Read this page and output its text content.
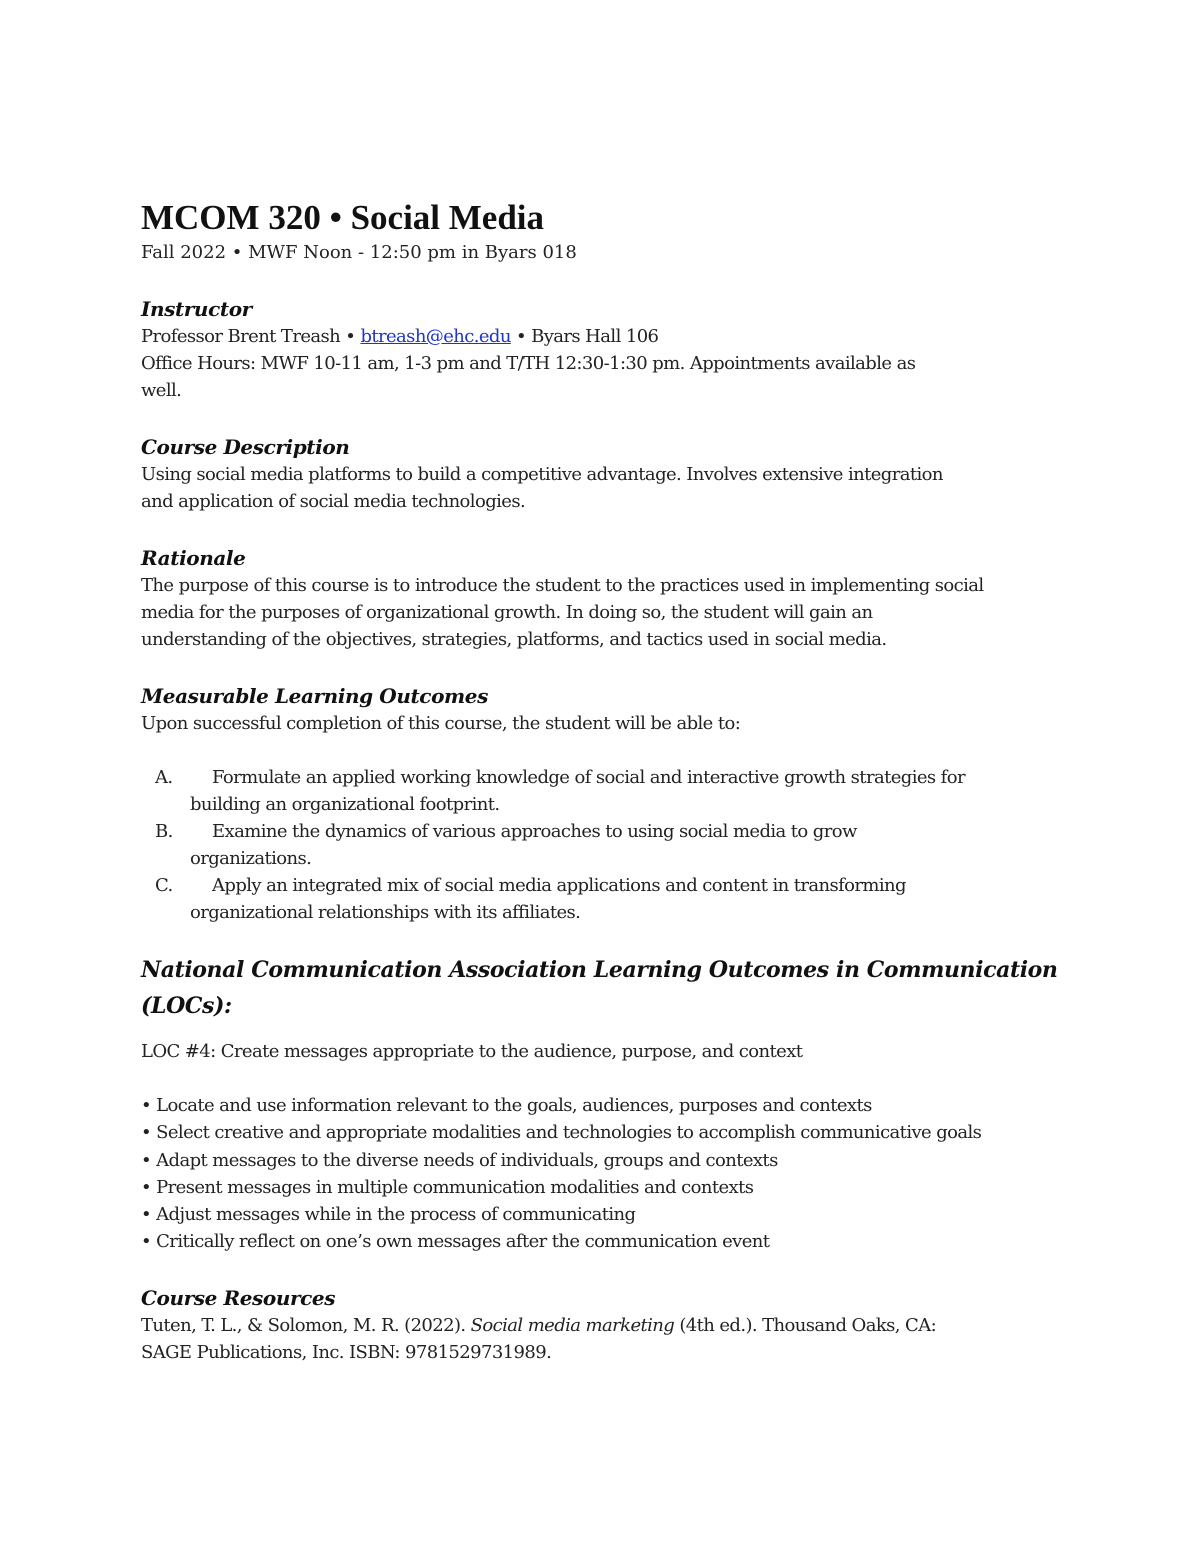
MCOM 320 • Social Media

Fall 2022 • MWF Noon - 12:50 pm in Byars 018

Instructor

Professor Brent Treash • btreash@ehc.edu • Byars Hall 106

Office Hours: MWF 10-11 am, 1-3 pm and T/TH 12:30-1:30 pm. Appointments available as

well.

Course Description

Using social media platforms to build a competitive advantage. Involves extensive integration

and application of social media technologies.

Rationale

The purpose of this course is to introduce the student to the practices used in implementing social

media for the purposes of organizational growth. In doing so, the student will gain an

understanding of the objectives, strategies, platforms, and tactics used in social media.

Measurable Learning Outcomes

Upon successful completion of this course, the student will be able to:

A. Formulate an applied working knowledge of social and interactive growth strategies for
building an organizational footprint.
B. Examine the dynamics of various approaches to using social media to grow
organizations.
C. Apply an integrated mix of social media applications and content in transforming
organizational relationships with its affiliates.
National Communication Association Learning Outcomes in Communication
(LOCs):

LOC #4: Create messages appropriate to the audience, purpose, and context

• Locate and use information relevant to the goals, audiences, purposes and contexts
• Select creative and appropriate modalities and technologies to accomplish communicative goals
• Adapt messages to the diverse needs of individuals, groups and contexts
• Present messages in multiple communication modalities and contexts
• Adjust messages while in the process of communicating
• Critically reflect on one’s own messages after the communication event
Course Resources

Tuten, T. L., & Solomon, M. R. (2022). Social media marketing (4th ed.). Thousand Oaks, CA:

SAGE Publications, Inc. ISBN: 9781529731989.
